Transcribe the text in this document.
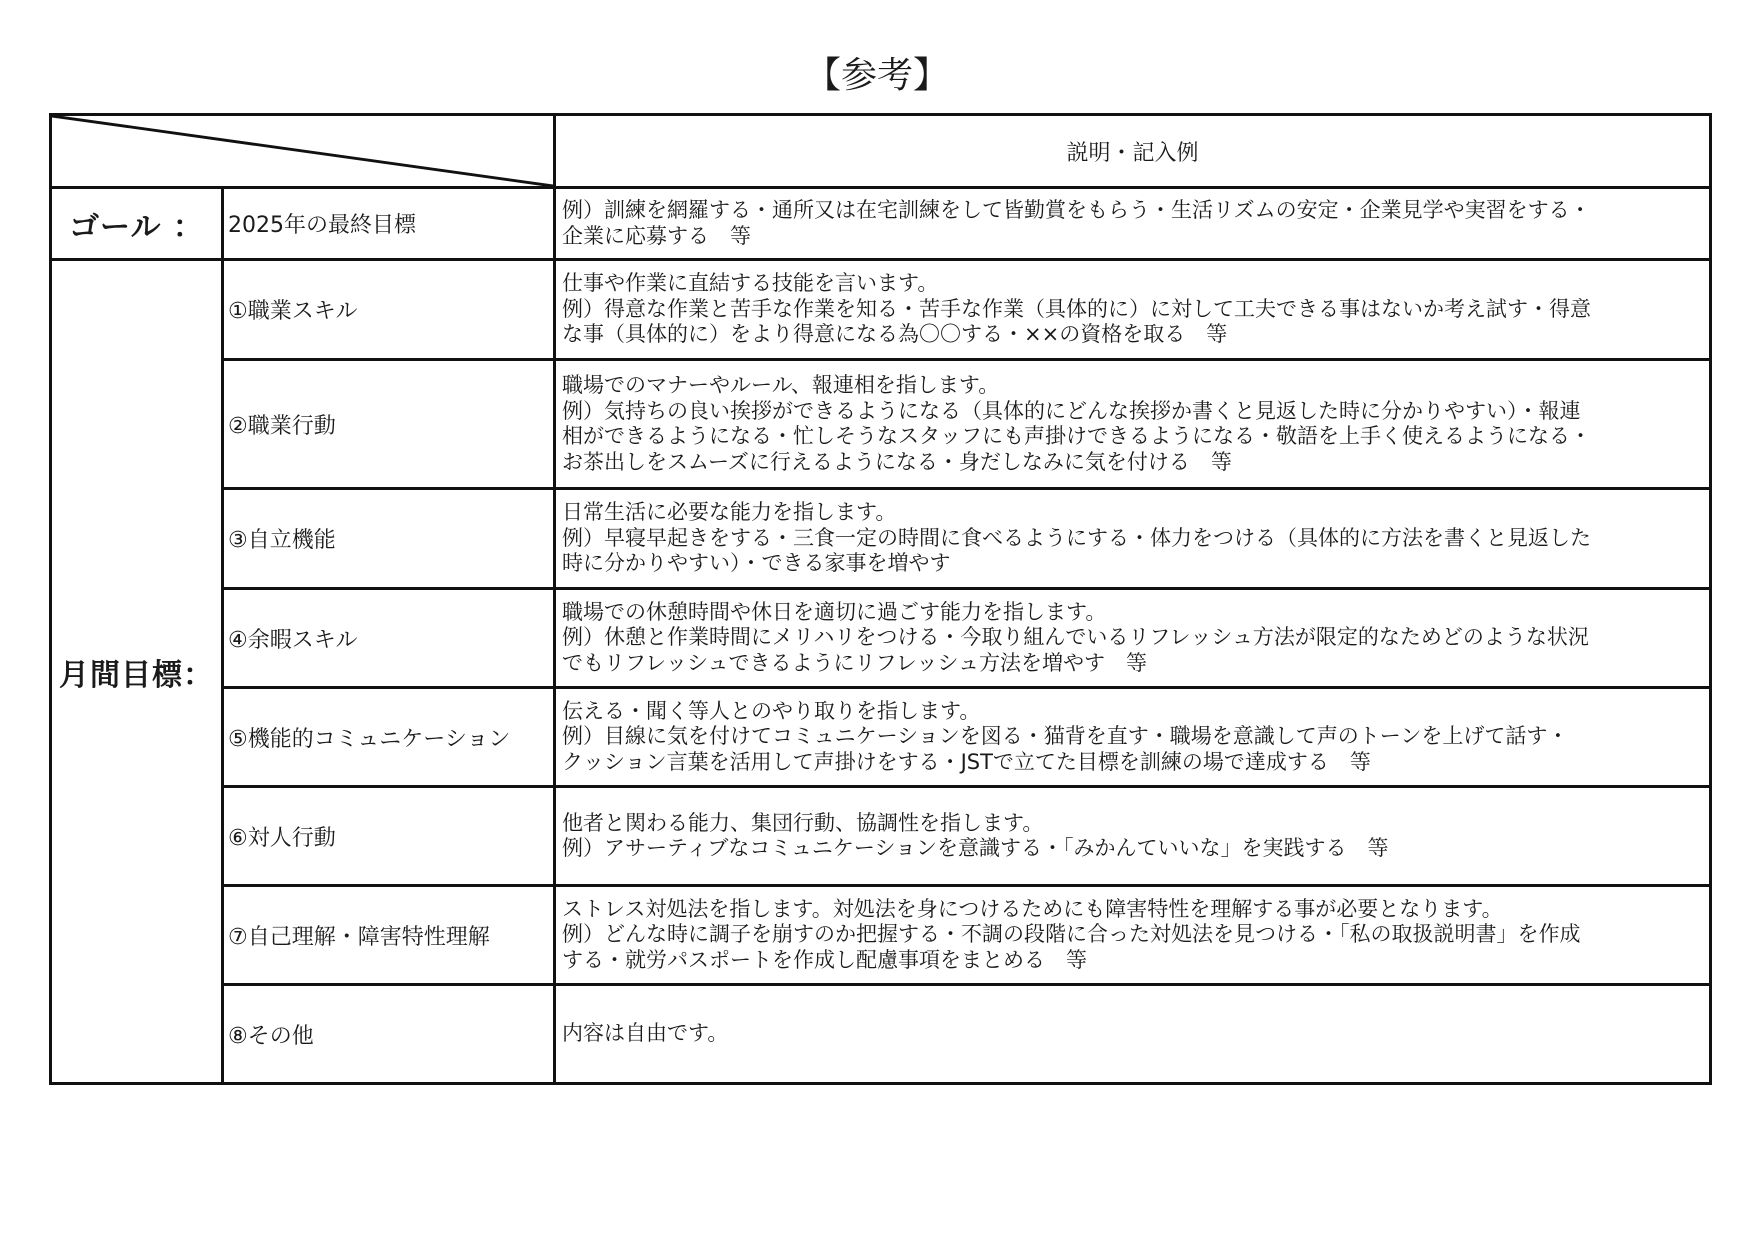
【参考】
	説明・記入例
ゴール ：	2025年の最終目標	例）訓練を網羅する・通所又は在宅訓練をして皆勤賞をもらう・生活リズムの安定・企業見学や実習をする・
企業に応募する　等

月間目標：	①職業スキル	仕事や作業に直結する技能を言います。
例）得意な作業と苦手な作業を知る・苦手な作業（具体的に）に対して工夫できる事はないか考え試す・得意
な事（具体的に）をより得意になる為〇〇する・××の資格を取る　等

	②職業行動	職場でのマナーやルール、報連相を指します。
例）気持ちの良い挨拶ができるようになる（具体的にどんな挨拶か書くと見返した時に分かりやすい）・報連
相ができるようになる・忙しそうなスタッフにも声掛けできるようになる・敬語を上手く使えるようになる・
お茶出しをスムーズに行えるようになる・身だしなみに気を付ける　等

	③自立機能	日常生活に必要な能力を指します。
例）早寝早起きをする・三食一定の時間に食べるようにする・体力をつける（具体的に方法を書くと見返した
時に分かりやすい）・できる家事を増やす

	④余暇スキル	職場での休憩時間や休日を適切に過ごす能力を指します。
例）休憩と作業時間にメリハリをつける・今取り組んでいるリフレッシュ方法が限定的なためどのような状況
でもリフレッシュできるようにリフレッシュ方法を増やす　等

	⑤機能的コミュニケーション	伝える・聞く等人とのやり取りを指します。
例）目線に気を付けてコミュニケーションを図る・猫背を直す・職場を意識して声のトーンを上げて話す・
クッション言葉を活用して声掛けをする・JSTで立てた目標を訓練の場で達成する　等

	⑥対人行動	他者と関わる能力、集団行動、協調性を指します。
例）アサーティブなコミュニケーションを意識する・「みかんていいな」を実践する　等

	⑦自己理解・障害特性理解	ストレス対処法を指します。対処法を身につけるためにも障害特性を理解する事が必要となります。
例）どんな時に調子を崩すのか把握する・不調の段階に合った対処法を見つける・「私の取扱説明書」を作成
する・就労パスポートを作成し配慮事項をまとめる　等

	⑧その他	内容は自由です。
